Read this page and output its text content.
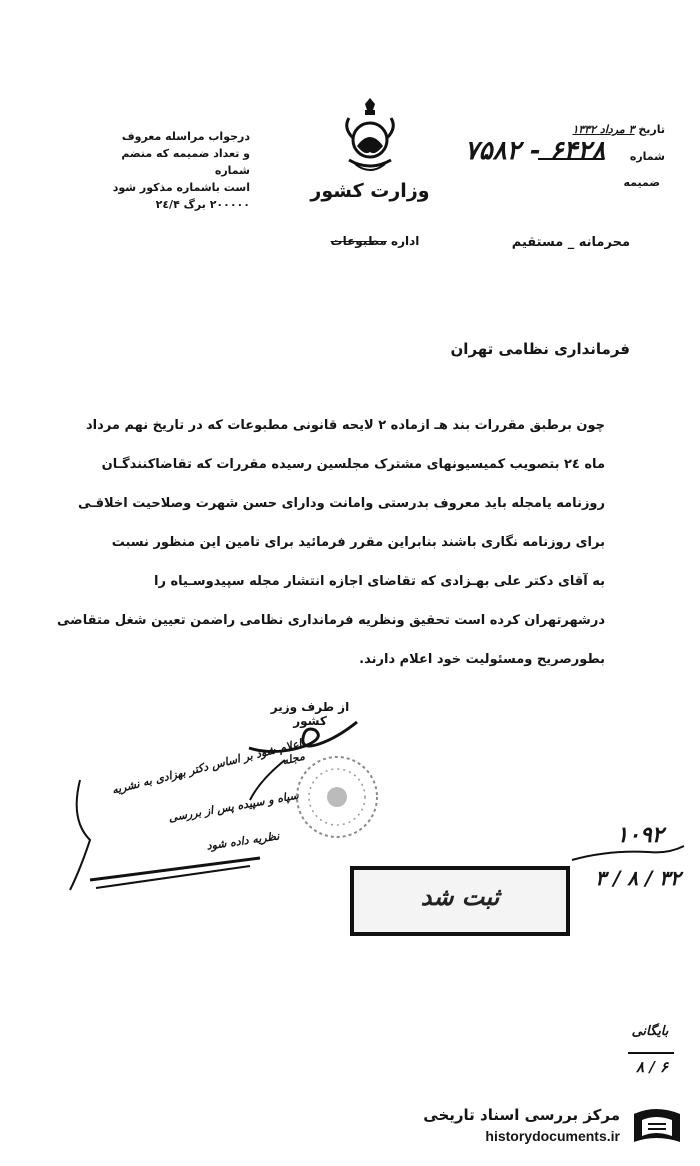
درجواب مراسله معروف
و تعداد ضمیمه که منضم شماره
است باشماره مذکور شود
۲۰۰۰۰۰ برگ ۲٤/۴
وزارت کشور
اداره مطبوعات
تاریخ ۳ مرداد ۱۳۳۲
شماره
۷۵۸۲ - ۶۴۲۸
ضمیمه
محرمانه _ مستقیم
فرمانداری نظامی تهران
چون برطبق مقررات بند هـ ازماده ۲ لایحه قانونی مطبوعات که در تاریخ نهم مرداد
ماه ۲٤ بتصویب کمیسیونهای مشترک مجلسین رسیده مقررات که تقاضاکنندگـان
روزنامه یامجله باید معروف بدرستی وامانت ودارای حسن شهرت وصلاحیت اخلاقـی
برای روزنامه نگاری باشند بنابراین مقرر فرمائید برای تامین این منظور نسبت
به آقای دکتر علی بهـزادی که تقاضای اجازه انتشار مجله سپیدوسـیاه را
درشهرتهران کرده است تحقیق ونظریه فرمانداری نظامی راضمن تعیین شغل متقاضی
بطورصریح ومسئولیت خود اعلام دارند.
از طرف وزیر کشور
اعلام شود بر اساس دکتر بهزادی به نشریه مجله
سپاه و سپیده پس از بررسی
نظریه داده شود	۱۰۹۲
۳ / ۸ / ۳۲
ثبت شد
بایگانی
۸ / ۶
مرکز بررسی اسناد تاریخی
historydocuments.ir
